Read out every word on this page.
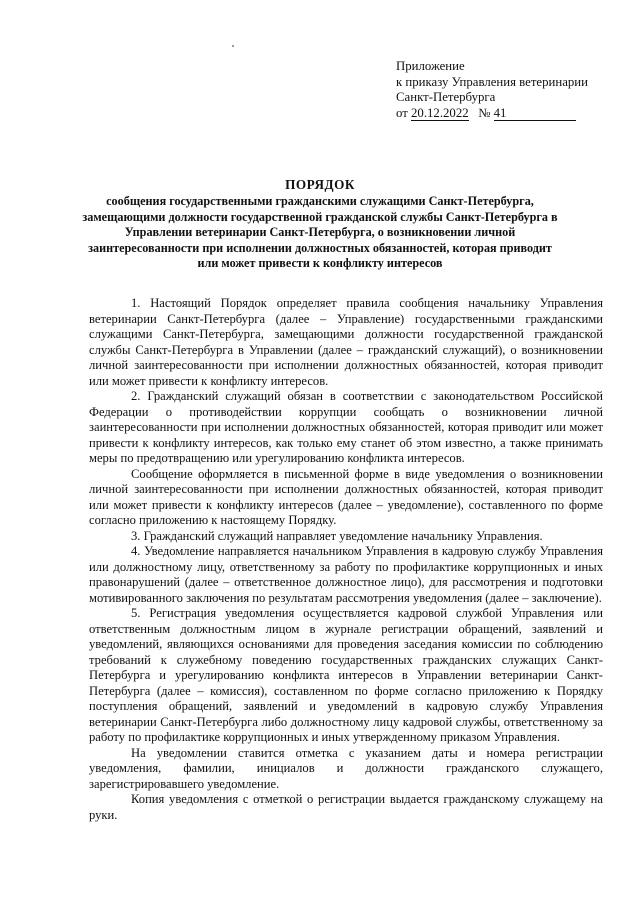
Приложение
к приказу Управления ветеринарии
Санкт-Петербурга
от 20.12.2022 № 41
ПОРЯДОК
сообщения государственными гражданскими служащими Санкт-Петербурга, замещающими должности государственной гражданской службы Санкт-Петербурга в Управлении ветеринарии Санкт-Петербурга, о возникновении личной заинтересованности при исполнении должностных обязанностей, которая приводит или может привести к конфликту интересов

1. Настоящий Порядок определяет правила сообщения начальнику Управления ветеринарии Санкт-Петербурга (далее – Управление) государственными гражданскими служащими Санкт-Петербурга, замещающими должности государственной гражданской службы Санкт-Петербурга в Управлении (далее – гражданский служащий), о возникновении личной заинтересованности при исполнении должностных обязанностей, которая приводит или может привести к конфликту интересов.

2. Гражданский служащий обязан в соответствии с законодательством Российской Федерации о противодействии коррупции сообщать о возникновении личной заинтересованности при исполнении должностных обязанностей, которая приводит или может привести к конфликту интересов, как только ему станет об этом известно, а также принимать меры по предотвращению или урегулированию конфликта интересов.

Сообщение оформляется в письменной форме в виде уведомления о возникновении личной заинтересованности при исполнении должностных обязанностей, которая приводит или может привести к конфликту интересов (далее – уведомление), составленного по форме согласно приложению к настоящему Порядку.

3. Гражданский служащий направляет уведомление начальнику Управления.

4. Уведомление направляется начальником Управления в кадровую службу Управления или должностному лицу, ответственному за работу по профилактике коррупционных и иных правонарушений (далее – ответственное должностное лицо), для рассмотрения и подготовки мотивированного заключения по результатам рассмотрения уведомления (далее – заключение).

5. Регистрация уведомления осуществляется кадровой службой Управления или ответственным должностным лицом в журнале регистрации обращений, заявлений и уведомлений, являющихся основаниями для проведения заседания комиссии по соблюдению требований к служебному поведению государственных гражданских служащих Санкт-Петербурга и урегулированию конфликта интересов в Управлении ветеринарии Санкт-Петербурга (далее – комиссия), составленном по форме согласно приложению к Порядку поступления обращений, заявлений и уведомлений в кадровую службу Управления ветеринарии Санкт-Петербурга либо должностному лицу кадровой службы, ответственному за работу по профилактике коррупционных и иных утвержденному приказом Управления.

На уведомлении ставится отметка с указанием даты и номера регистрации уведомления, фамилии, инициалов и должности гражданского служащего, зарегистрировавшего уведомление.

Копия уведомления с отметкой о регистрации выдается гражданскому служащему на руки.
